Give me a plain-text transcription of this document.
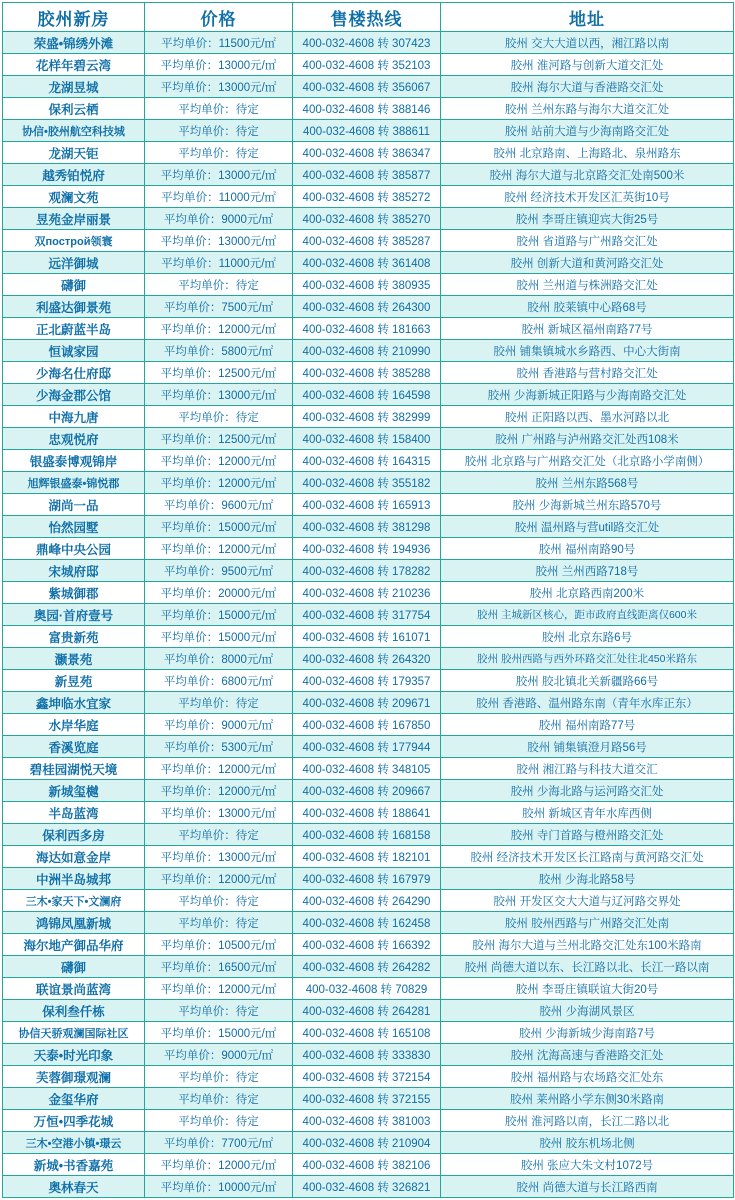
胶州新房	价格	售楼热线	地址
荣盛•锦绣外滩	平均单价：11500元/㎡	400-032-4608 转 307423	胶州 交大大道以西，湘江路以南
花样年碧云湾	平均单价：13000元/㎡	400-032-4608 转 352103	胶州 淮河路与创新大道交汇处
龙湖昱城	平均单价：13000元/㎡	400-032-4608 转 356067	胶州 海尔大道与香港路交汇处
保利云栖	平均单价：待定	400-032-4608 转 388146	胶州 兰州东路与海尔大道交汇处
协信•胶州航空科技城	平均单价：待定	400-032-4608 转 388611	胶州 站前大道与少海南路交汇处
龙湖天钜	平均单价：待定	400-032-4608 转 386347	胶州 北京路南、上海路北、泉州路东
越秀铂悦府	平均单价：13000元/㎡	400-032-4608 转 385877	胶州 海尔大道与北京路交汇处南500米
观澜文苑	平均单价：11000元/㎡	400-032-4608 转 385272	胶州 经济技术开发区汇英街10号
昱苑金岸丽景	平均单价：9000元/㎡	400-032-4608 转 385270	胶州 李哥庄镇迎宾大街25号
双построй领寰	平均单价：13000元/㎡	400-032-4608 转 385287	胶州 省道路与广州路交汇处
远洋御城	平均单价：11000元/㎡	400-032-4608 转 361408	胶州 创新大道和黄河路交汇处
礴御	平均单价：待定	400-032-4608 转 380935	胶州 兰州道与株洲路交汇处
利盛达御景苑	平均单价：7500元/㎡	400-032-4608 转 264300	胶州 胶莱镇中心路68号
正北蔚蓝半岛	平均单价：12000元/㎡	400-032-4608 转 181663	胶州 新城区福州南路77号
恒诚家园	平均单价：5800元/㎡	400-032-4608 转 210990	胶州 铺集镇城水乡路西、中心大街南
少海名仕府邸	平均单价：12500元/㎡	400-032-4608 转 385288	胶州 香港路与营村路交汇处
少海金郡公馆	平均单价：13000元/㎡	400-032-4608 转 164598	胶州 少海新城正阳路与少海南路交汇处
中海九唐	平均单价：待定	400-032-4608 转 382999	胶州 正阳路以西、墨水河路以北
忠观悦府	平均单价：12500元/㎡	400-032-4608 转 158400	胶州 广州路与泸州路交汇处西108米
银盛泰博观锦岸	平均单价：12000元/㎡	400-032-4608 转 164315	胶州 北京路与广州路交汇处（北京路小学南侧）
旭辉银盛泰•锦悦郡	平均单价：12000元/㎡	400-032-4608 转 355182	胶州 兰州东路568号
湖尚一品	平均单价：9600元/㎡	400-032-4608 转 165913	胶州 少海新城兰州东路570号
怡然园墅	平均单价：15000元/㎡	400-032-4608 转 381298	胶州 温州路与营util路交汇处
鼎峰中央公园	平均单价：12000元/㎡	400-032-4608 转 194936	胶州 福州南路90号
宋城府邸	平均单价：9500元/㎡	400-032-4608 转 178282	胶州 兰州西路718号
紫城御郡	平均单价：20000元/㎡	400-032-4608 转 210236	胶州 北京路西南200米
奥园·首府壹号	平均单价：15000元/㎡	400-032-4608 转 317754	胶州 主城新区核心，距市政府直线距离仅600米
富贵新苑	平均单价：15000元/㎡	400-032-4608 转 161071	胶州 北京东路6号
灏景苑	平均单价：8000元/㎡	400-032-4608 转 264320	胶州 胶州西路与西外环路交汇处往北450米路东
新昱苑	平均单价：6800元/㎡	400-032-4608 转 179357	胶州 胶北镇北关新疆路66号
鑫坤临水宜家	平均单价：待定	400-032-4608 转 209671	胶州 香港路、温州路东南（青年水库正东）
水岸华庭	平均单价：9000元/㎡	400-032-4608 转 167850	胶州 福州南路77号
香溪览庭	平均单价：5300元/㎡	400-032-4608 转 177944	胶州 铺集镇澄月路56号
碧桂园湖悦天境	平均单价：12000元/㎡	400-032-4608 转 348105	胶州 湘江路与科技大道交汇
新城玺樾	平均单价：12000元/㎡	400-032-4608 转 209667	胶州 少海北路与运河路交汇处
半岛蓝湾	平均单价：13000元/㎡	400-032-4608 转 188641	胶州 新城区青年水库西侧
保利西多房	平均单价：待定	400-032-4608 转 168158	胶州 寺门首路与橙州路交汇处
海达如意金岸	平均单价：13000元/㎡	400-032-4608 转 182101	胶州 经济技术开发区长江路南与黄河路交汇处
中洲半岛城邦	平均单价：12000元/㎡	400-032-4608 转 167979	胶州 少海北路58号
三木•家天下•文澜府	平均单价：待定	400-032-4608 转 264290	胶州 开发区交大大道与辽河路交界处
鸿锦凤凰新城	平均单价：待定	400-032-4608 转 162458	胶州 胶州西路与广州路交汇处南
海尔地产御品华府	平均单价：10500元/㎡	400-032-4608 转 166392	胶州 海尔大道与兰州北路交汇处东100米路南
礴御	平均单价：16500元/㎡	400-032-4608 转 264282	胶州 尚德大道以东、长江路以北、长江一路以南
联谊景尚蓝湾	平均单价：12000元/㎡	400-032-4608 转 70829	胶州 李哥庄镇联谊大街20号
保利叁仟栋	平均单价：待定	400-032-4608 转 264281	胶州 少海湖风景区
协信天骄观澜国际社区	平均单价：15000元/㎡	400-032-4608 转 165108	胶州 少海新城少海南路7号
天泰•时光印象	平均单价：9000元/㎡	400-032-4608 转 333830	胶州 沈海高速与香港路交汇处
芙蓉御璟观澜	平均单价：待定	400-032-4608 转 372154	胶州 福州路与农场路交汇处东
金玺华府	平均单价：待定	400-032-4608 转 372155	胶州 莱州路小学东侧30米路南
万恒•四季花城	平均单价：待定	400-032-4608 转 381003	胶州 淮河路以南，长江二路以北
三木•空港小镇•璟云	平均单价：7700元/㎡	400-032-4608 转 210904	胶州 胶东机场北侧
新城•书香嘉苑	平均单价：12000元/㎡	400-032-4608 转 382106	胶州 张应大朱文村1072号
奥林春天	平均单价：10000元/㎡	400-032-4608 转 326821	胶州 尚德大道与长江路西南
